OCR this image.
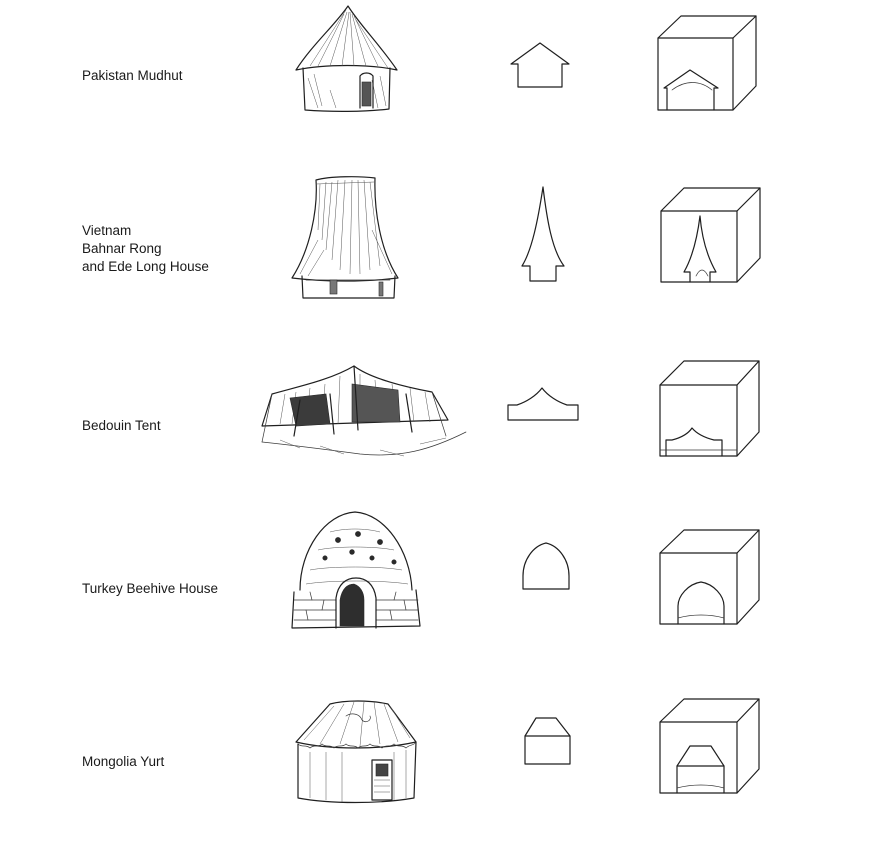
Pakistan Mudhut
Vietnam
Bahnar Rong
and Ede Long House
Bedouin Tent
Turkey Beehive House
Mongolia Yurt
